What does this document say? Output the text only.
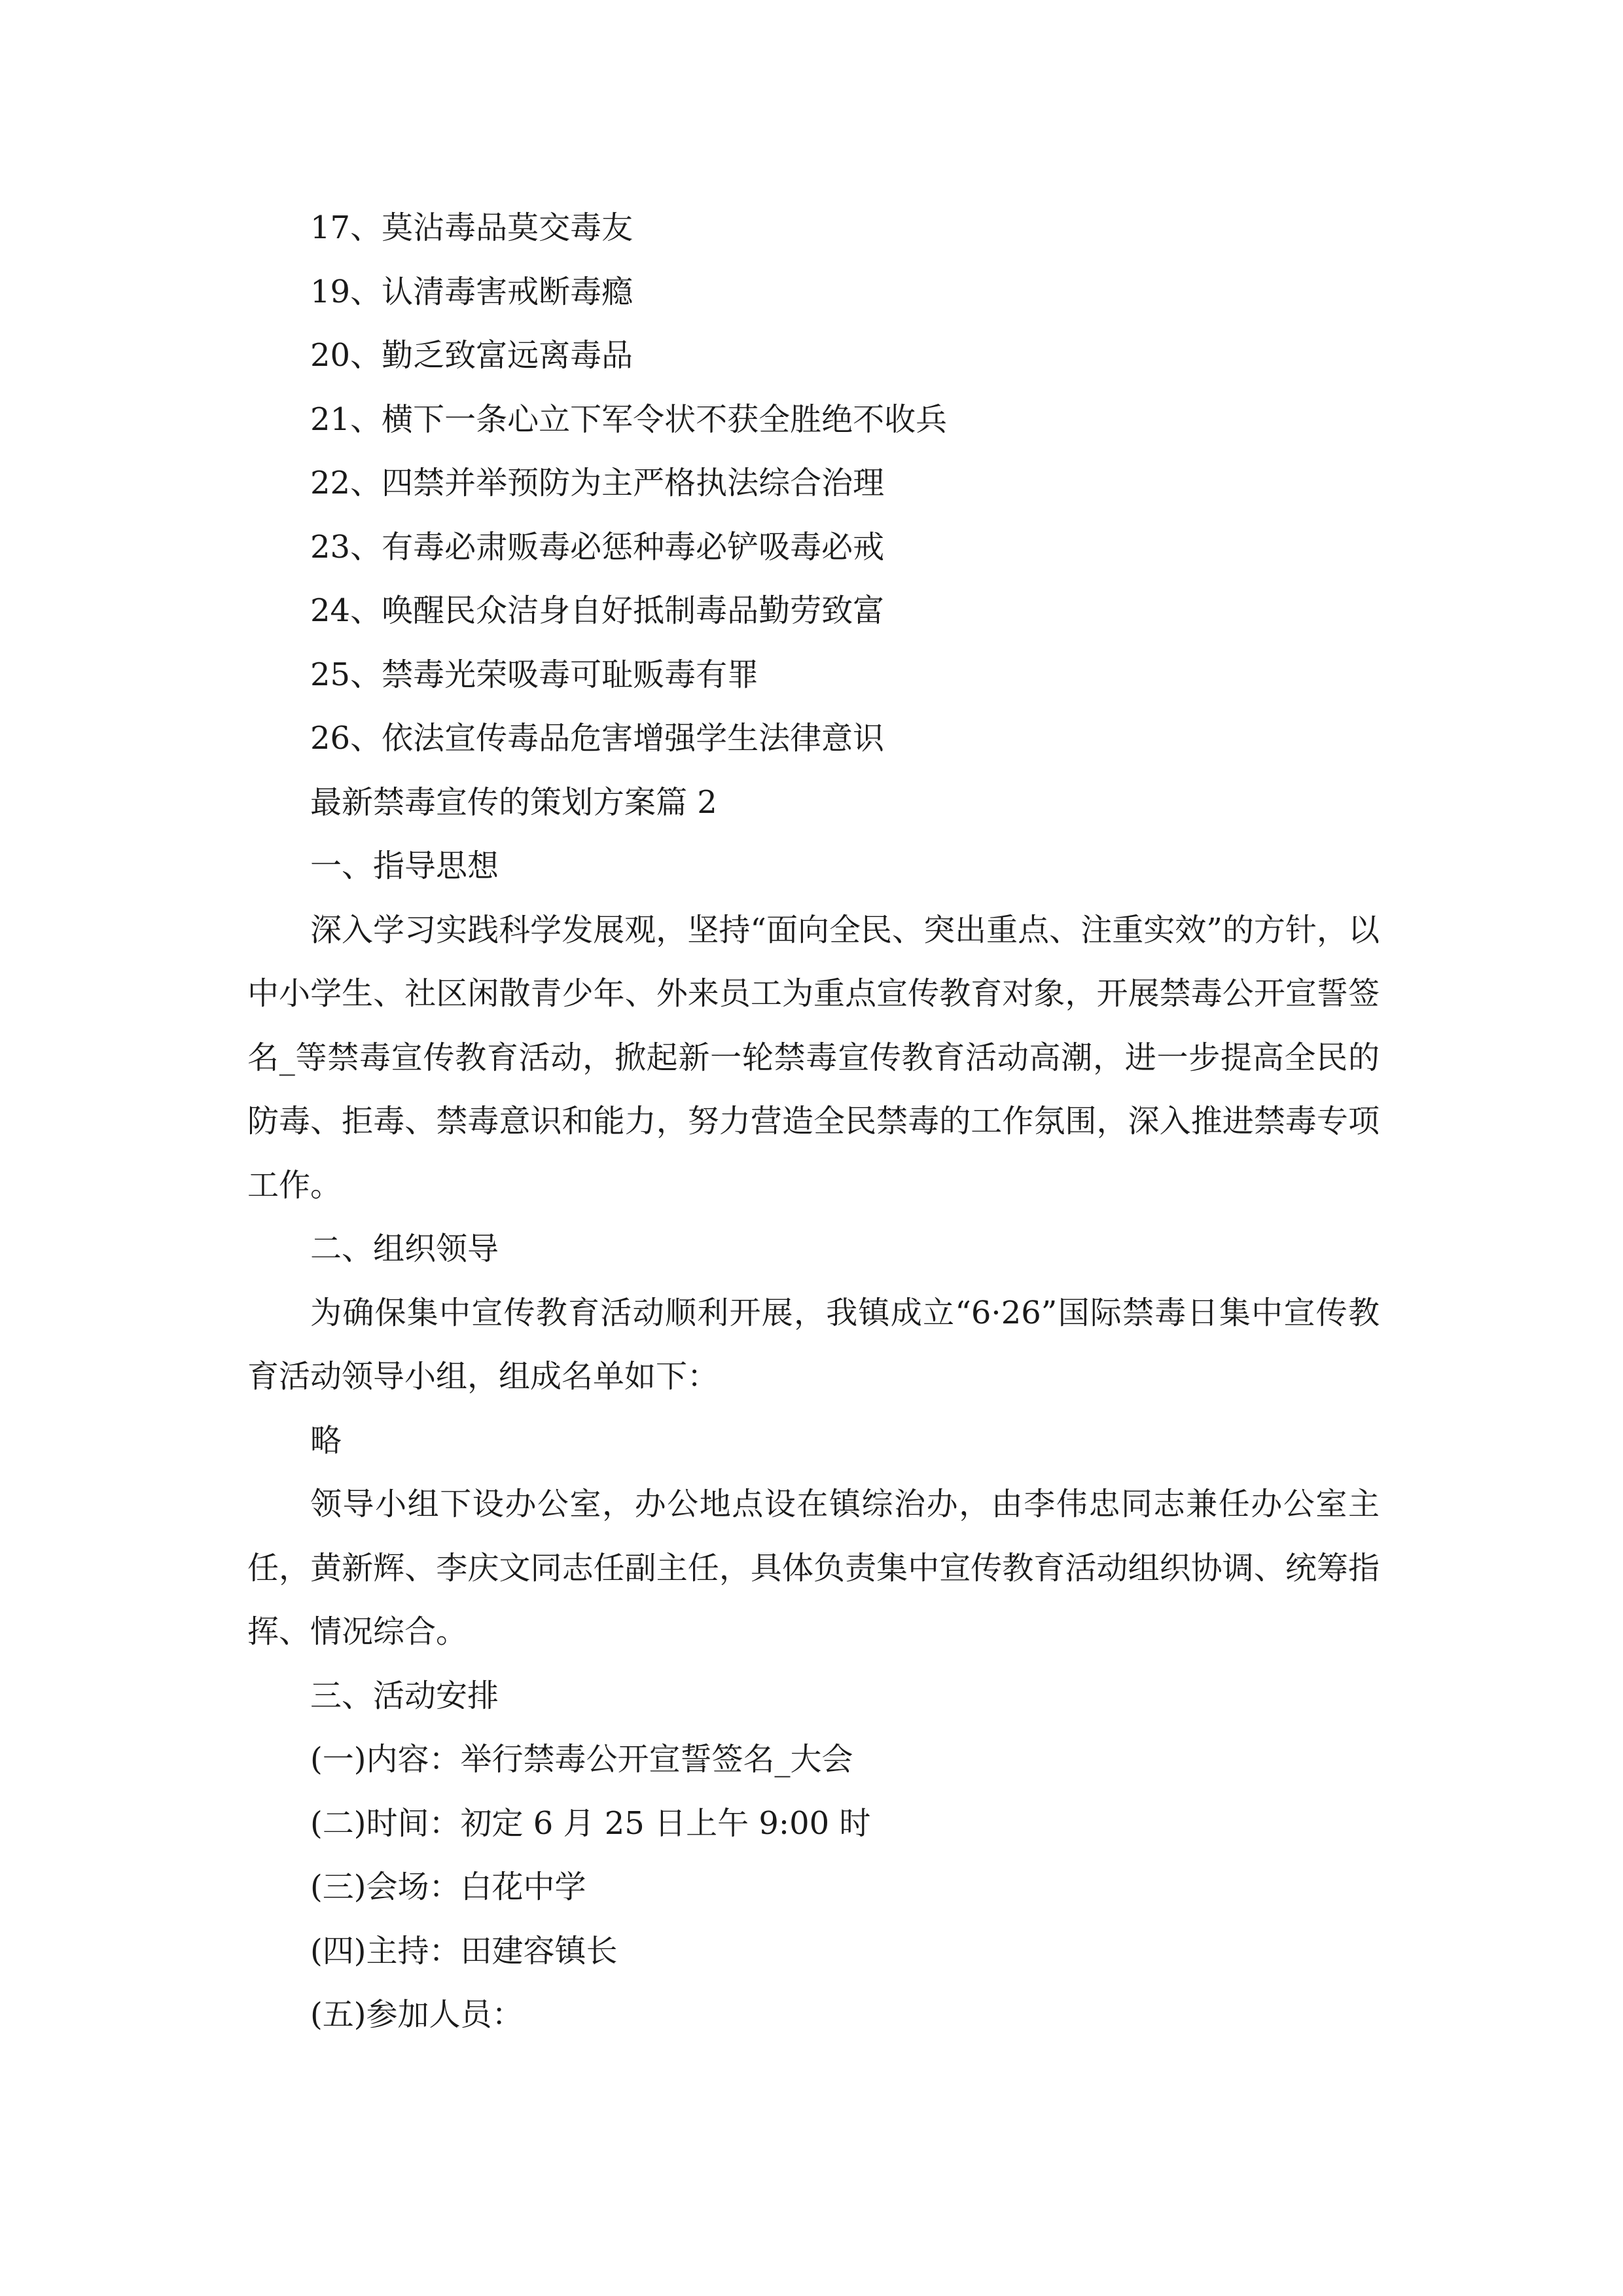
17、莫沾毒品莫交毒友

19、认清毒害戒断毒瘾

20、勤乏致富远离毒品

21、横下一条心立下军令状不获全胜绝不收兵

22、四禁并举预防为主严格执法综合治理

23、有毒必肃贩毒必惩种毒必铲吸毒必戒

24、唤醒民众洁身自好抵制毒品勤劳致富

25、禁毒光荣吸毒可耻贩毒有罪

26、依法宣传毒品危害增强学生法律意识

最新禁毒宣传的策划方案篇 2

一、指导思想

深入学习实践科学发展观，坚持“面向全民、突出重点、注重实效”的方针，以中小学生、社区闲散青少年、外来员工为重点宣传教育对象，开展禁毒公开宣誓签名_等禁毒宣传教育活动，掀起新一轮禁毒宣传教育活动高潮，进一步提高全民的防毒、拒毒、禁毒意识和能力，努力营造全民禁毒的工作氛围，深入推进禁毒专项工作。

二、组织领导

为确保集中宣传教育活动顺利开展，我镇成立“6·26”国际禁毒日集中宣传教育活动领导小组，组成名单如下：

略

领导小组下设办公室，办公地点设在镇综治办，由李伟忠同志兼任办公室主任，黄新辉、李庆文同志任副主任，具体负责集中宣传教育活动组织协调、统筹指挥、情况综合。

三、活动安排

(一)内容：举行禁毒公开宣誓签名_大会

(二)时间：初定 6 月 25 日上午 9:00 时

(三)会场：白花中学

(四)主持：田建容镇长

(五)参加人员：
